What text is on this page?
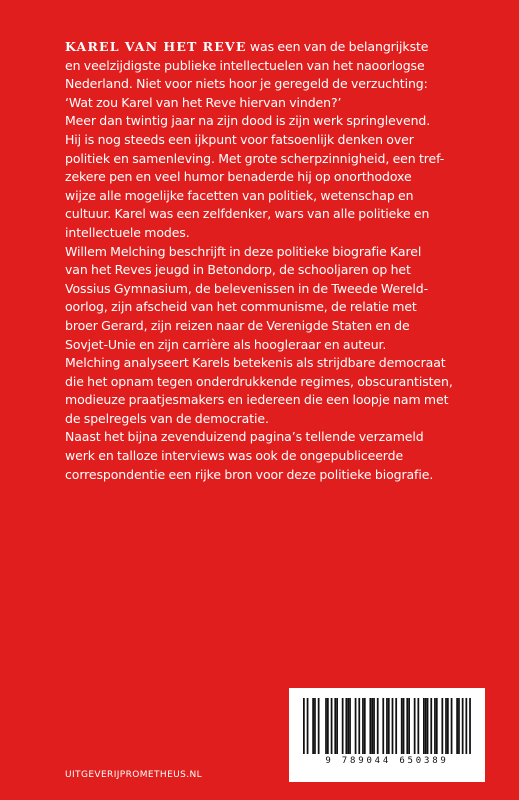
KAREL VAN HET REVE was een van de belangrijkste
en veelzijdigste publieke intellectuelen van het naoorlogse
Nederland. Niet voor niets hoor je geregeld de verzuchting:
‘Wat zou Karel van het Reve hiervan vinden?’
Meer dan twintig jaar na zijn dood is zijn werk springlevend.
Hij is nog steeds een ijkpunt voor fatsoenlijk denken over
politiek en samenleving. Met grote scherpzinnigheid, een tref-
zekere pen en veel humor benaderde hij op onorthodoxe
wijze alle mogelijke facetten van politiek, wetenschap en
cultuur. Karel was een zelfdenker, wars van alle politieke en
intellectuele modes.
Willem Melching beschrijft in deze politieke biografie Karel
van het Reves jeugd in Betondorp, de schooljaren op het
Vossius Gymnasium, de belevenissen in de Tweede Wereld-
oorlog, zijn afscheid van het communisme, de relatie met
broer Gerard, zijn reizen naar de Verenigde Staten en de
Sovjet-Unie en zijn carrière als hoogleraar en auteur.
Melching analyseert Karels betekenis als strijdbare democraat
die het opnam tegen onderdrukkende regimes, obscurantisten,
modieuze praatjesmakers en iedereen die een loopje nam met
de spelregels van de democratie.
Naast het bijna zevenduizend pagina’s tellende verzameld
werk en talloze interviews was ook de ongepubliceerde
correspondentie een rijke bron voor deze politieke biografie.
UITGEVERIJPROMETHEUS.NL
9 789044 650389
